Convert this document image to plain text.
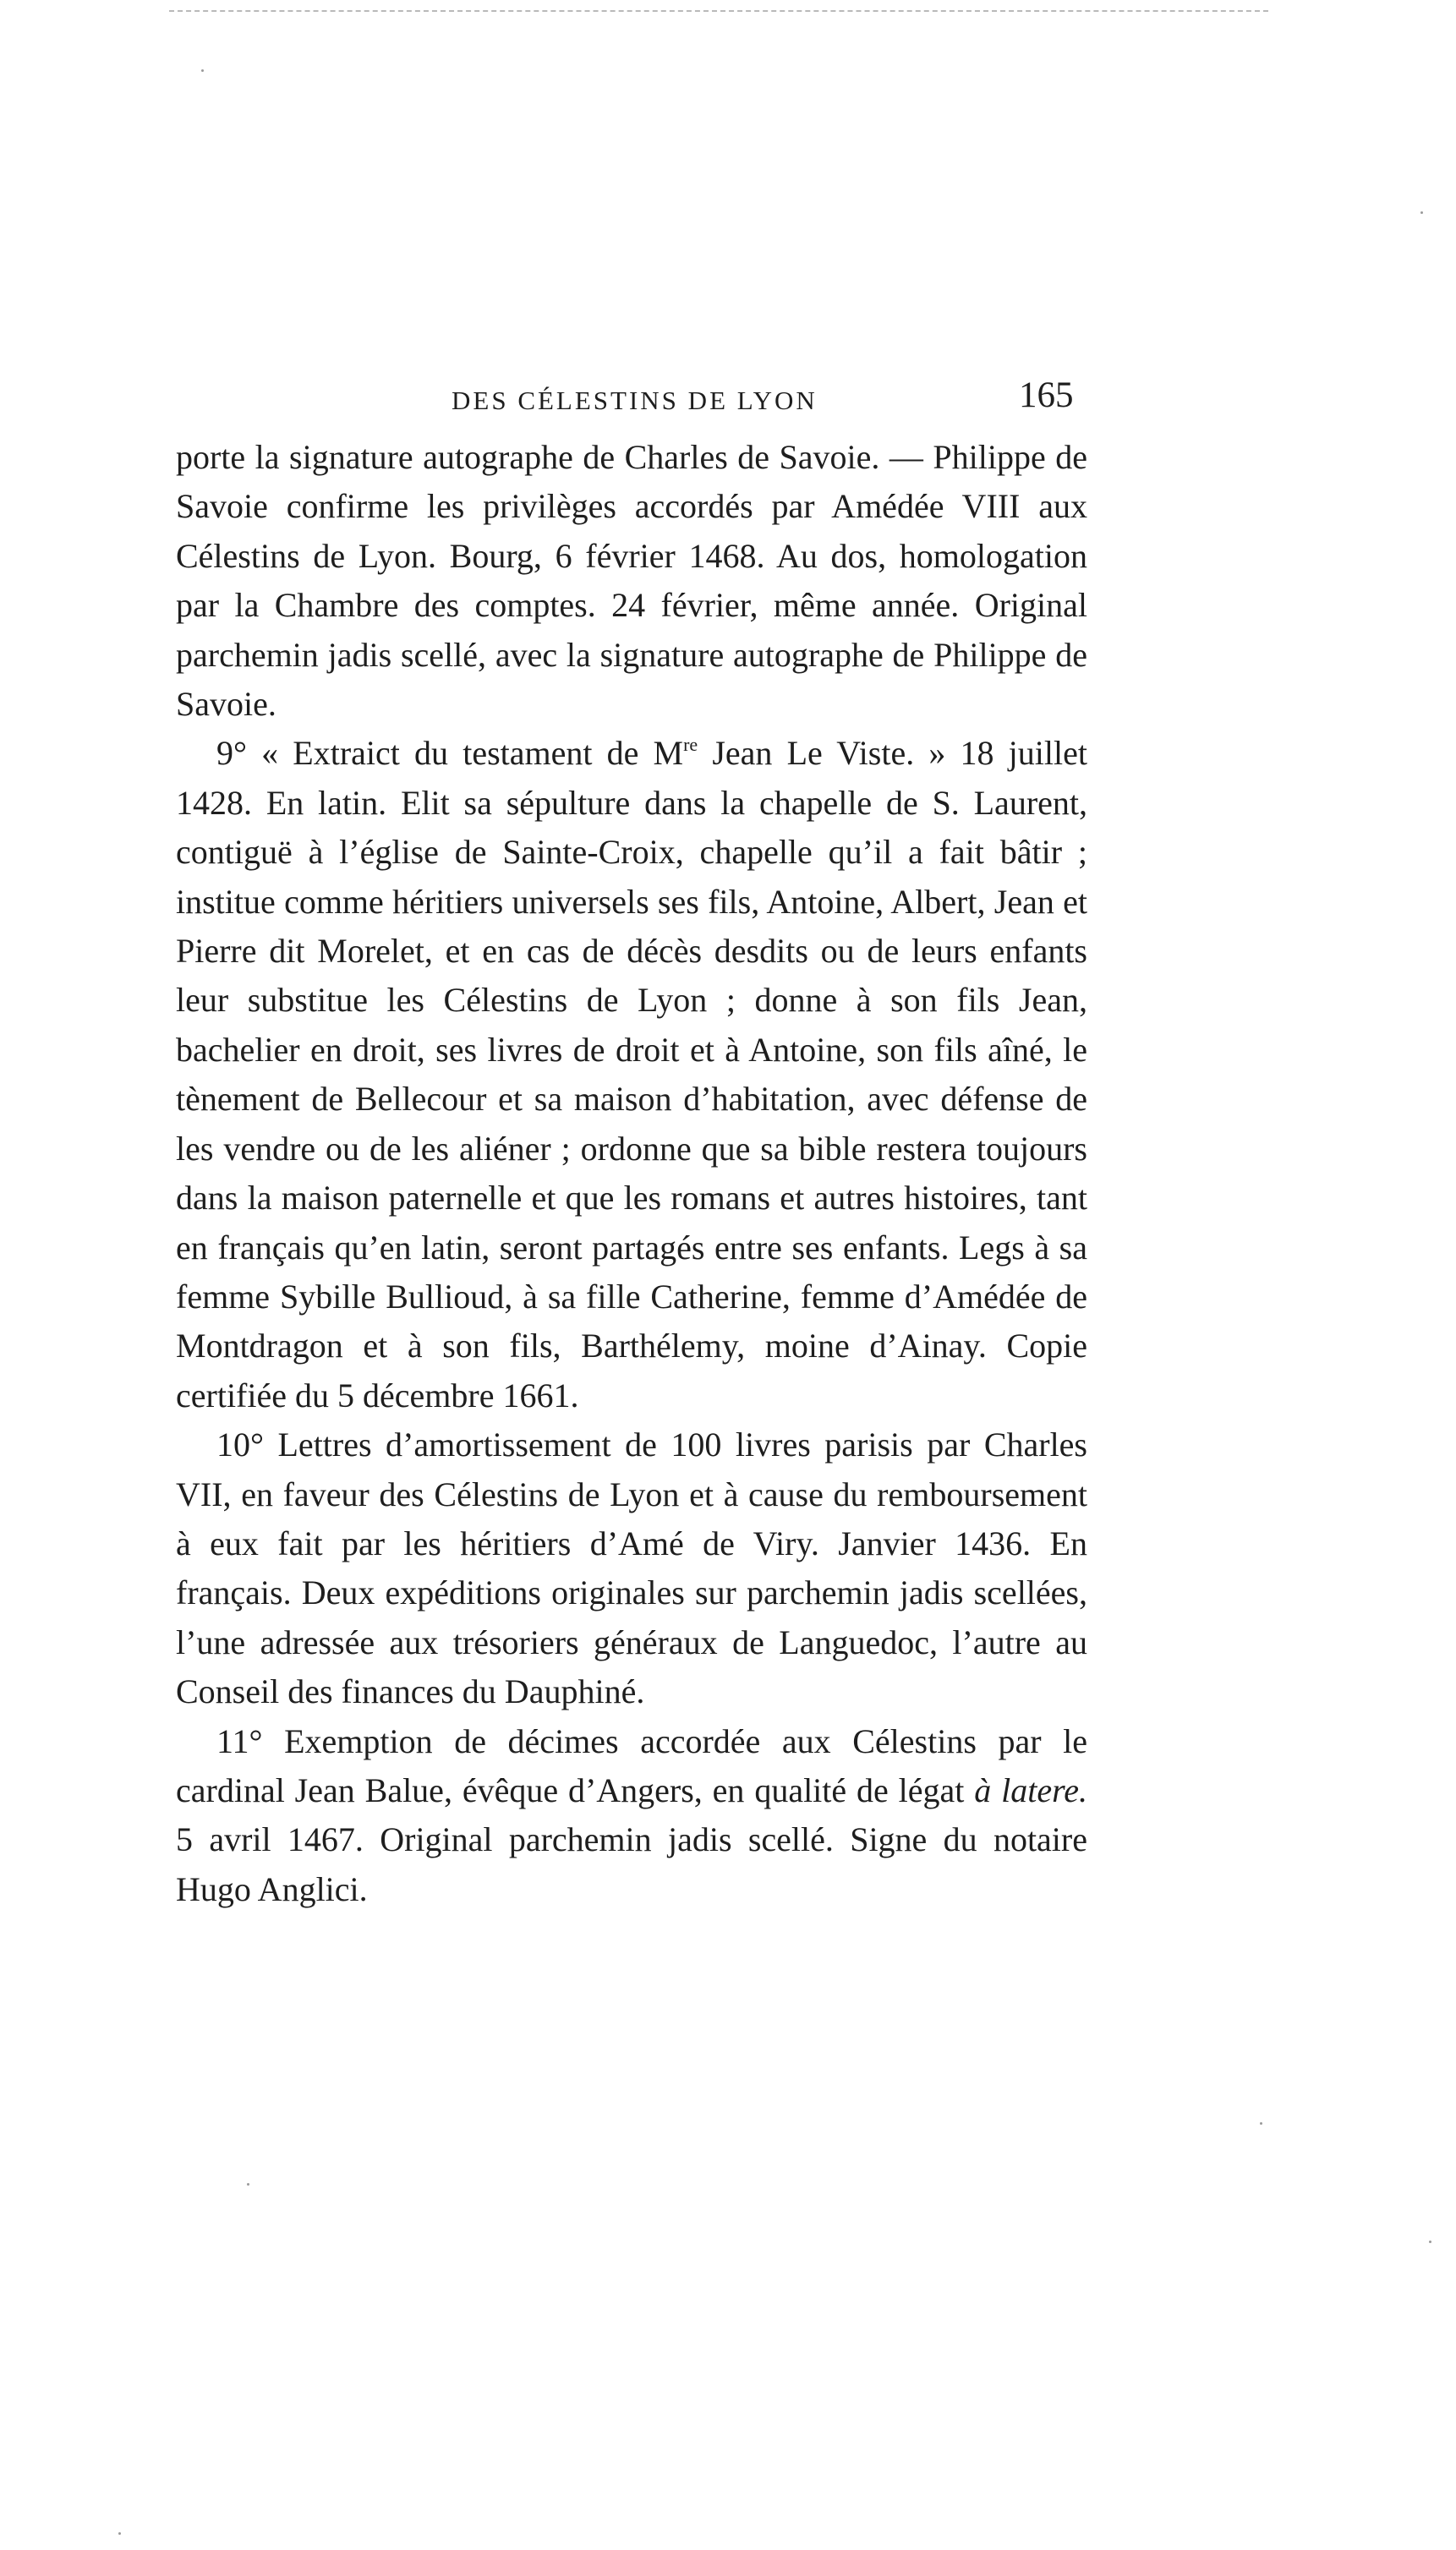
DES CÉLESTINS DE LYON	165

porte la signature autographe de Charles de Savoie. — Philippe de Savoie confirme les privilèges accordés par Amédée VIII aux Célestins de Lyon. Bourg, 6 février 1468. Au dos, homologation par la Chambre des comptes. 24 février, même année. Original parchemin jadis scellé, avec la signature autographe de Philippe de Savoie.

9° « Extraict du testament de Mre Jean Le Viste. » 18 juillet 1428. En latin. Elit sa sépulture dans la chapelle de S. Laurent, contiguë à l’église de Sainte-Croix, chapelle qu’il a fait bâtir ; institue comme héritiers universels ses fils, Antoine, Albert, Jean et Pierre dit Morelet, et en cas de décès desdits ou de leurs enfants leur substitue les Célestins de Lyon ; donne à son fils Jean, bachelier en droit, ses livres de droit et à Antoine, son fils aîné, le tènement de Bellecour et sa maison d’habitation, avec défense de les vendre ou de les aliéner ; ordonne que sa bible restera toujours dans la maison paternelle et que les romans et autres histoires, tant en français qu’en latin, seront partagés entre ses enfants. Legs à sa femme Sybille Bullioud, à sa fille Catherine, femme d’Amédée de Montdragon et à son fils, Barthélemy, moine d’Ainay. Copie certifiée du 5 décembre 1661.

10° Lettres d’amortissement de 100 livres parisis par Charles VII, en faveur des Célestins de Lyon et à cause du remboursement à eux fait par les héritiers d’Amé de Viry. Janvier 1436. En français. Deux expéditions originales sur parchemin jadis scellées, l’une adressée aux trésoriers généraux de Languedoc, l’autre au Conseil des finances du Dauphiné.

11° Exemption de décimes accordée aux Célestins par le cardinal Jean Balue, évêque d’Angers, en qualité de légat à latere. 5 avril 1467. Original parchemin jadis scellé. Signe du notaire Hugo Anglici.
